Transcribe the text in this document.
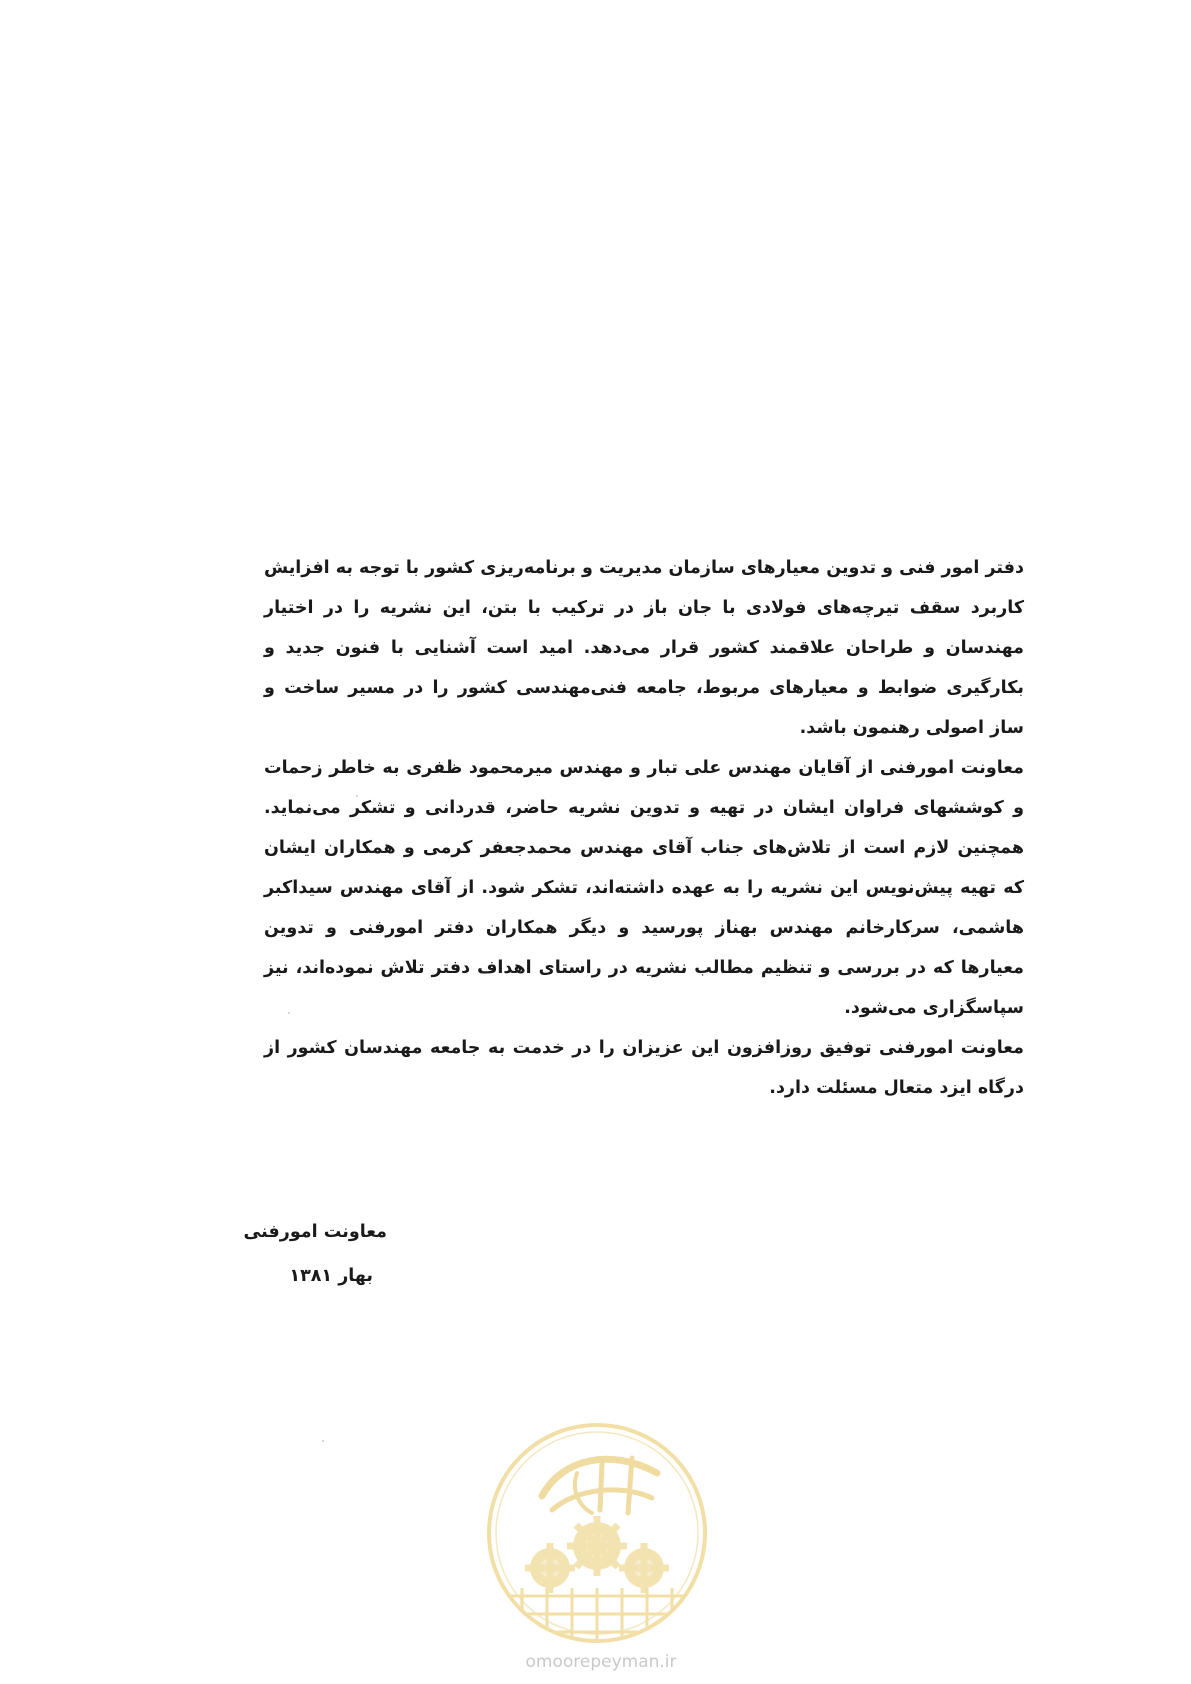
دفتر امور فنی و تدوین معیارهای سازمان مدیریت و برنامه‌ریزی کشور با توجه به افزایش کاربرد سقف تیرچه‌های فولادی با جان باز در ترکیب با بتن، این نشریه را در اختیار مهندسان و طراحان علاقمند کشور قرار می‌دهد. امید است آشنایی با فنون جدید و بکارگیری ضوابط و معیارهای مربوط، جامعه فنی‌مهندسی کشور را در مسیر ساخت و ساز اصولی رهنمون باشد.

معاونت امورفنی از آقایان مهندس علی تبار و مهندس میرمحمود ظفری به خاطر زحمات و کوششهای فراوان ایشان در تهیه و تدوین نشریه حاضر، قدردانی و تشکر می‌نماید. همچنین لازم است از تلاش‌های جناب آقای مهندس محمدجعفر کرمی و همکاران ایشان که تهیه پیش‌نویس این نشریه را به عهده داشته‌اند، تشکر شود. از آقای مهندس سیداکبر هاشمی، سرکارخانم مهندس بهناز پورسید و دیگر همکاران دفتر امورفنی و تدوین معیارها که در بررسی و تنظیم مطالب نشریه در راستای اهداف دفتر تلاش نموده‌اند، نیز سپاسگزاری می‌شود.

معاونت امورفنی توفیق روزافزون این عزیزان را در خدمت به جامعه مهندسان کشور از درگاه ایزد متعال مسئلت دارد.

معاونت امورفنی
بهار ۱۳۸۱
omoorepeyman.ir
